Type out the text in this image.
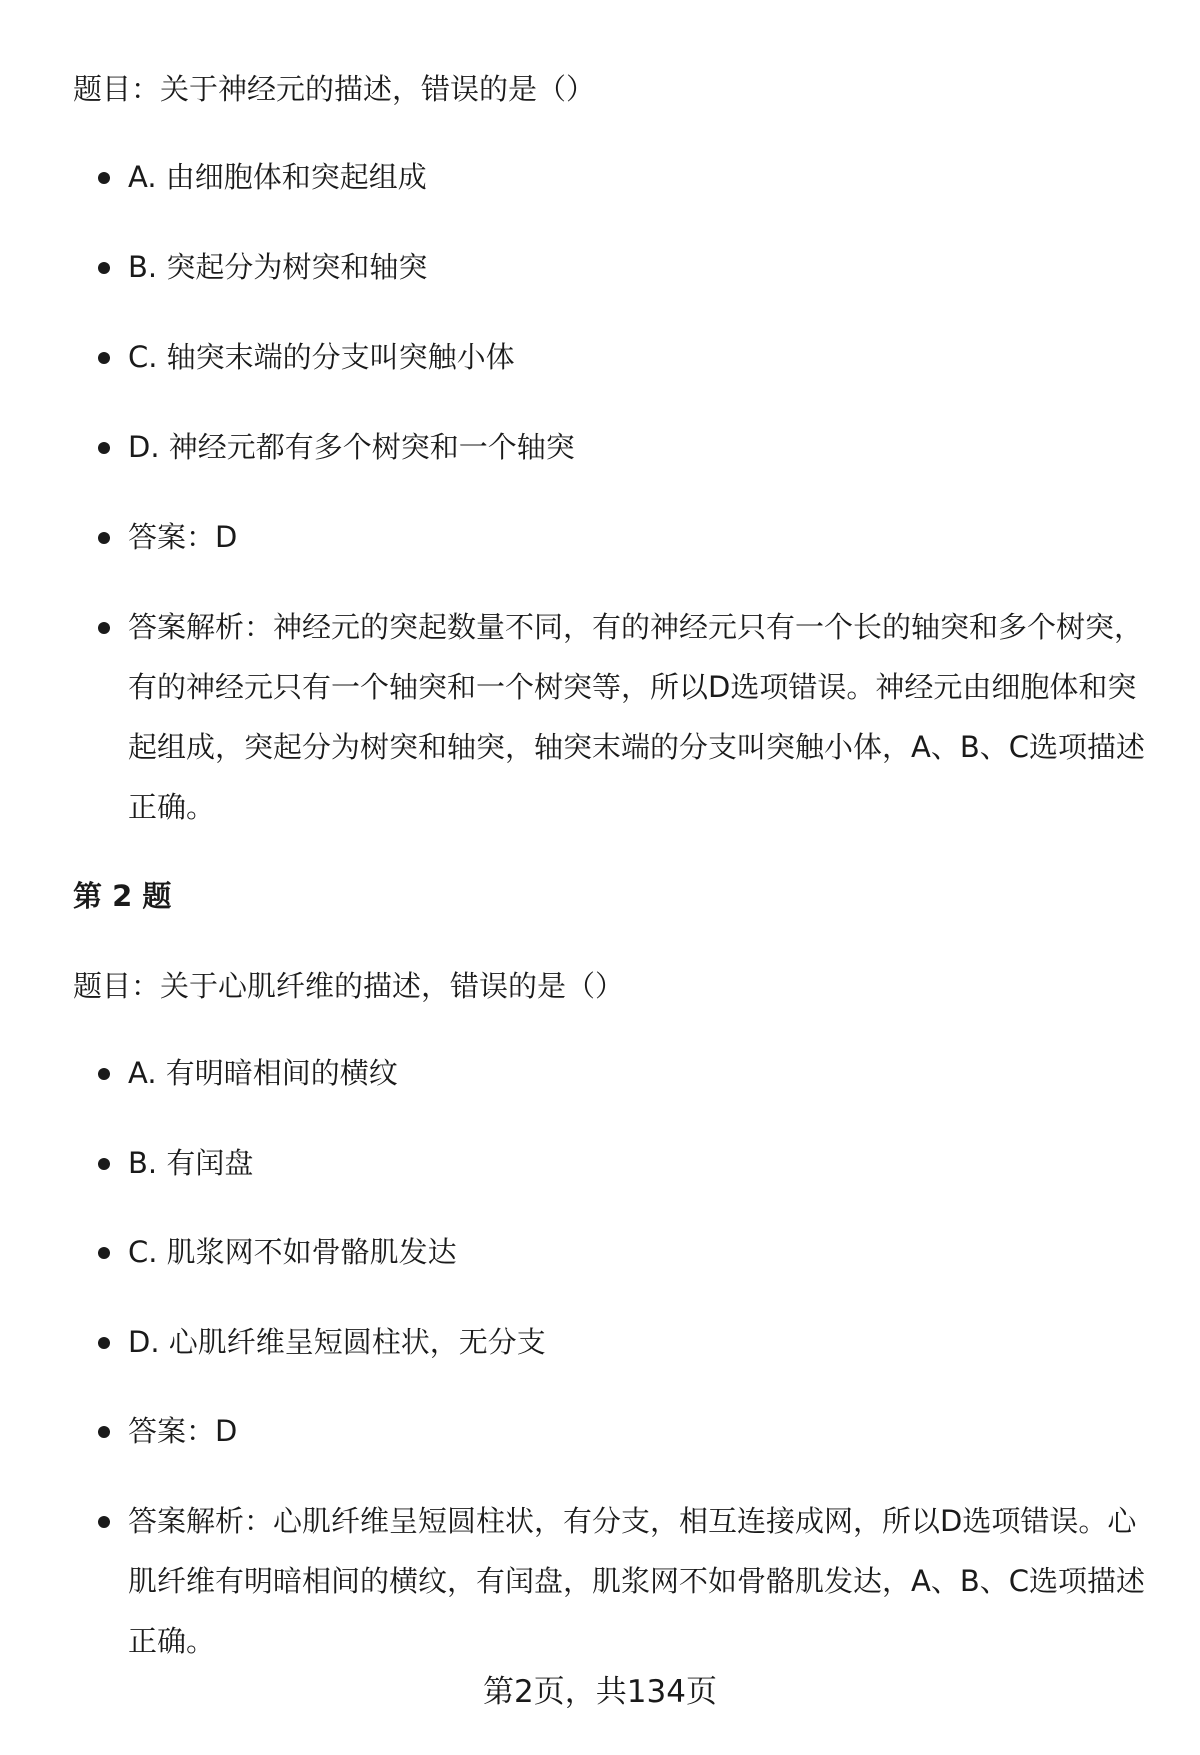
题目：关于神经元的描述，错误的是（）
A. 由细胞体和突起组成
B. 突起分为树突和轴突
C. 轴突末端的分支叫突触小体
D. 神经元都有多个树突和一个轴突
答案：D
答案解析：神经元的突起数量不同，有的神经元只有一个长的轴突和多个树突，有的神经元只有一个轴突和一个树突等，所以D选项错误。神经元由细胞体和突起组成，突起分为树突和轴突，轴突末端的分支叫突触小体，A、B、C选项描述正确。
第 2 题
题目：关于心肌纤维的描述，错误的是（）
A. 有明暗相间的横纹
B. 有闰盘
C. 肌浆网不如骨骼肌发达
D. 心肌纤维呈短圆柱状，无分支
答案：D
答案解析：心肌纤维呈短圆柱状，有分支，相互连接成网，所以D选项错误。心肌纤维有明暗相间的横纹，有闰盘，肌浆网不如骨骼肌发达，A、B、C选项描述正确。
第2页，共134页
